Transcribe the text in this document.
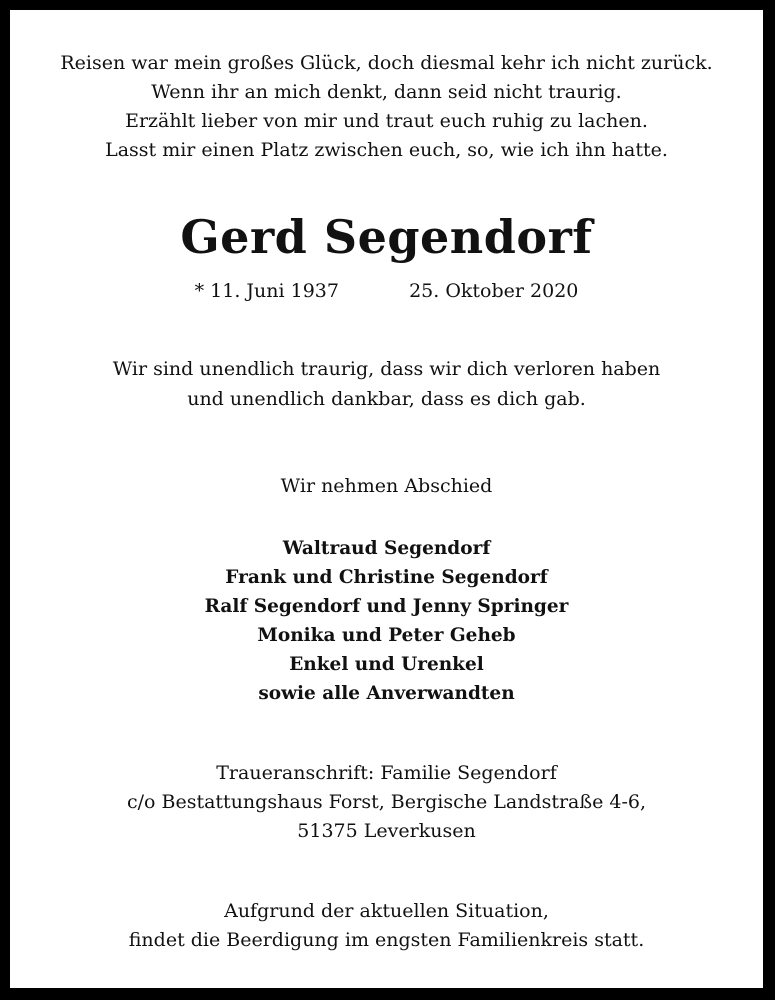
Reisen war mein großes Glück, doch diesmal kehr ich nicht zurück.
Wenn ihr an mich denkt, dann seid nicht traurig.
Erzählt lieber von mir und traut euch ruhig zu lachen.
Lasst mir einen Platz zwischen euch, so, wie ich ihn hatte.
Gerd Segendorf
* 11. Juni 1937	25. Oktober 2020
Wir sind unendlich traurig, dass wir dich verloren haben
und unendlich dankbar, dass es dich gab.
Wir nehmen Abschied
Waltraud Segendorf
Frank und Christine Segendorf
Ralf Segendorf und Jenny Springer
Monika und Peter Geheb
Enkel und Urenkel
sowie alle Anverwandten
Traueranschrift: Familie Segendorf
c/o Bestattungshaus Forst, Bergische Landstraße 4-6,
51375 Leverkusen
Aufgrund der aktuellen Situation,
findet die Beerdigung im engsten Familienkreis statt.
